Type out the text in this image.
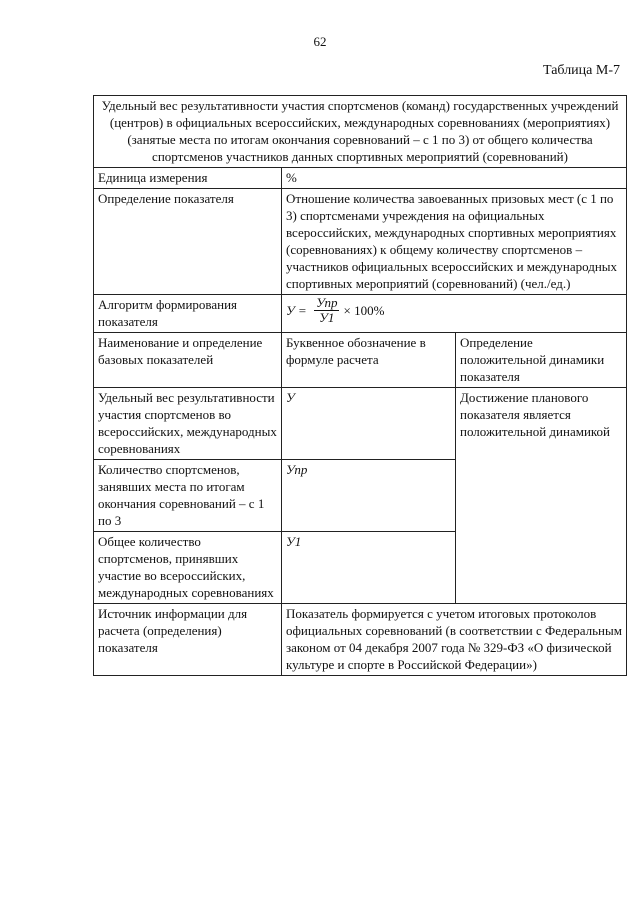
62
Таблица М-7
Удельный вес результативности участия спортсменов (команд) государственных учреждений (центров) в официальных всероссийских, международных соревнованиях (мероприятиях) (занятые места по итогам окончания соревнований – с 1 по 3) от общего количества спортсменов участников данных спортивных мероприятий (соревнований)		
Единица измерения	%	
Определение показателя	Отношение количества завоеванных призовых мест (с 1 по 3) спортсменами учреждения на официальных всероссийских, международных спортивных мероприятиях (соревнованиях) к общему количеству спортсменов – участников официальных всероссийских и международных спортивных мероприятий (соревнований) (чел./ед.)	
Алгоритм формирования показателя	$У = \frac{\text{Упр}}{У1} \times 100\%$	

Наименование и определение базовых показателей	Буквенное обозначение в формуле расчета	Определение положительной динамики показателя
Удельный вес результативности участия спортсменов во всероссийских, международных соревнованиях	У	Достижение планового показателя является положительной динамикой
Количество спортсменов, занявших места по итогам окончания соревнований – с 1 по 3	Упр	
Общее количество спортсменов, принявших участие во всероссийских, международных соревнованиях	У1	
Источник информации для расчета (определения) показателя	Показатель формируется с учетом итоговых протоколов официальных соревнований (в соответствии с Федеральным законом от 04 декабря 2007 года № 329-ФЗ «О физической культуре и спорте в Российской Федерации»)	
